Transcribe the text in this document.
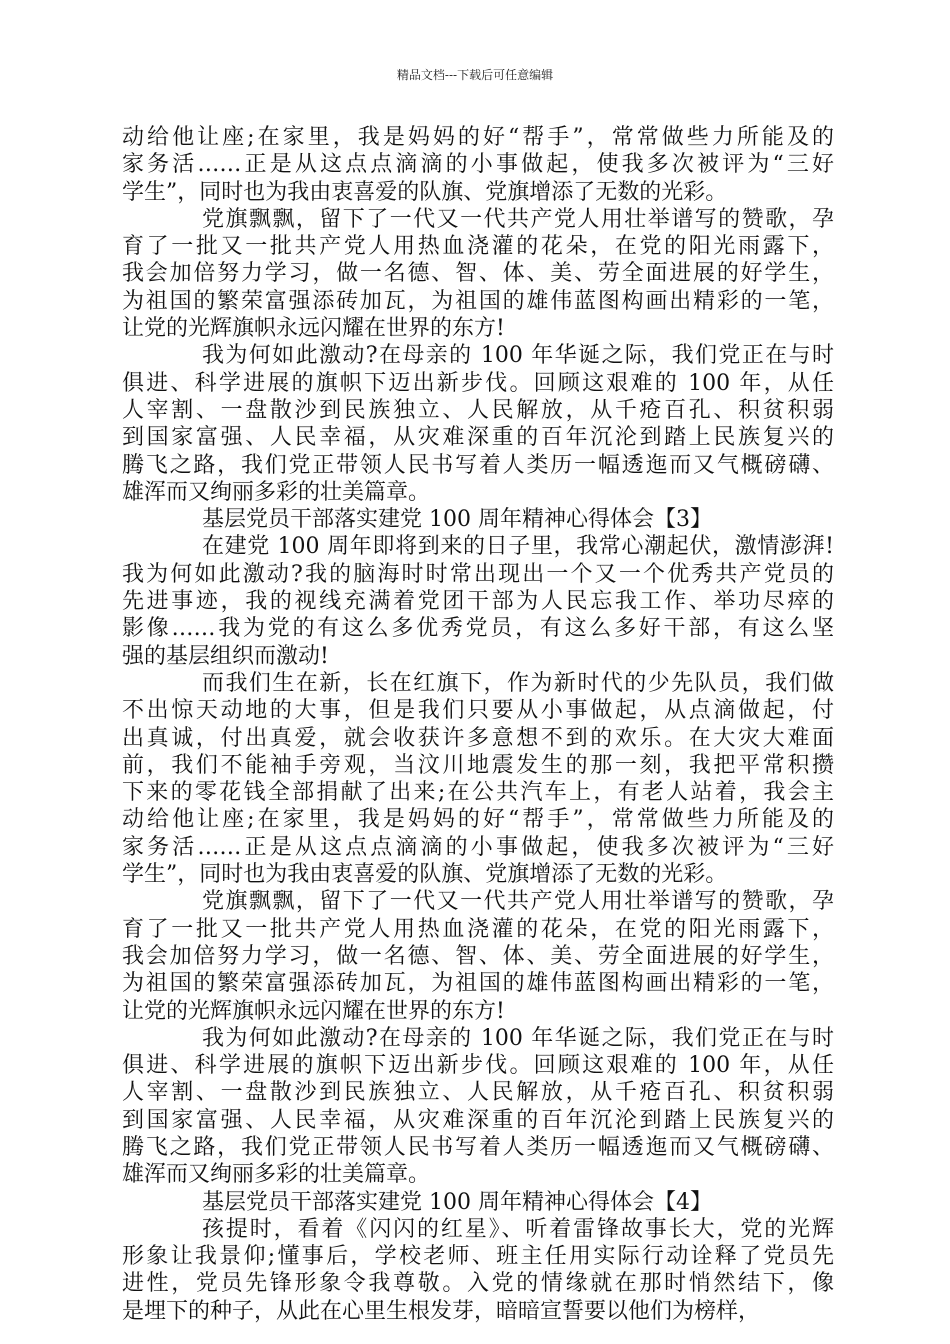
精品文档---下载后可任意编辑
动给他让座;在家里，我是妈妈的好“帮手”，常常做些力所能及的
家务活……正是从这点点滴滴的小事做起，使我多次被评为“三好
学生”，同时也为我由衷喜爱的队旗、党旗增添了无数的光彩。
党旗飘飘，留下了一代又一代共产党人用壮举谱写的赞歌，孕
育了一批又一批共产党人用热血浇灌的花朵，在党的阳光雨露下，
我会加倍努力学习，做一名德、智、体、美、劳全面进展的好学生，
为祖国的繁荣富强添砖加瓦，为祖国的雄伟蓝图构画出精彩的一笔，
让党的光辉旗帜永远闪耀在世界的东方!
我为何如此激动?在母亲的 100 年华诞之际，我们党正在与时
俱进、科学进展的旗帜下迈出新步伐。回顾这艰难的 100 年，从任
人宰割、一盘散沙到民族独立、人民解放，从千疮百孔、积贫积弱
到国家富强、人民幸福，从灾难深重的百年沉沦到踏上民族复兴的
腾飞之路，我们党正带领人民书写着人类历一幅透迤而又气概磅礴、
雄浑而又绚丽多彩的壮美篇章。
基层党员干部落实建党 100 周年精神心得体会【3】
在建党 100 周年即将到来的日子里，我常心潮起伏，激情澎湃!
我为何如此激动?我的脑海时时常出现出一个又一个优秀共产党员的
先进事迹，我的视线充满着党团干部为人民忘我工作、举功尽瘁的
影像……我为党的有这么多优秀党员，有这么多好干部，有这么坚
强的基层组织而激动!
而我们生在新，长在红旗下，作为新时代的少先队员，我们做
不出惊天动地的大事，但是我们只要从小事做起，从点滴做起，付
出真诚，付出真爱，就会收获许多意想不到的欢乐。在大灾大难面
前，我们不能袖手旁观，当汶川地震发生的那一刻，我把平常积攒
下来的零花钱全部捐献了出来;在公共汽车上，有老人站着，我会主
动给他让座;在家里，我是妈妈的好“帮手”，常常做些力所能及的
家务活……正是从这点点滴滴的小事做起，使我多次被评为“三好
学生”，同时也为我由衷喜爱的队旗、党旗增添了无数的光彩。
党旗飘飘，留下了一代又一代共产党人用壮举谱写的赞歌，孕
育了一批又一批共产党人用热血浇灌的花朵，在党的阳光雨露下，
我会加倍努力学习，做一名德、智、体、美、劳全面进展的好学生，
为祖国的繁荣富强添砖加瓦，为祖国的雄伟蓝图构画出精彩的一笔，
让党的光辉旗帜永远闪耀在世界的东方!
我为何如此激动?在母亲的 100 年华诞之际，我们党正在与时
俱进、科学进展的旗帜下迈出新步伐。回顾这艰难的 100 年，从任
人宰割、一盘散沙到民族独立、人民解放，从千疮百孔、积贫积弱
到国家富强、人民幸福，从灾难深重的百年沉沦到踏上民族复兴的
腾飞之路，我们党正带领人民书写着人类历一幅透迤而又气概磅礴、
雄浑而又绚丽多彩的壮美篇章。
基层党员干部落实建党 100 周年精神心得体会【4】
孩提时，看着《闪闪的红星》、听着雷锋故事长大，党的光辉
形象让我景仰;懂事后，学校老师、班主任用实际行动诠释了党员先
进性，党员先锋形象令我尊敬。入党的情缘就在那时悄然结下，像
是埋下的种子，从此在心里生根发芽，暗暗宣誓要以他们为榜样，
